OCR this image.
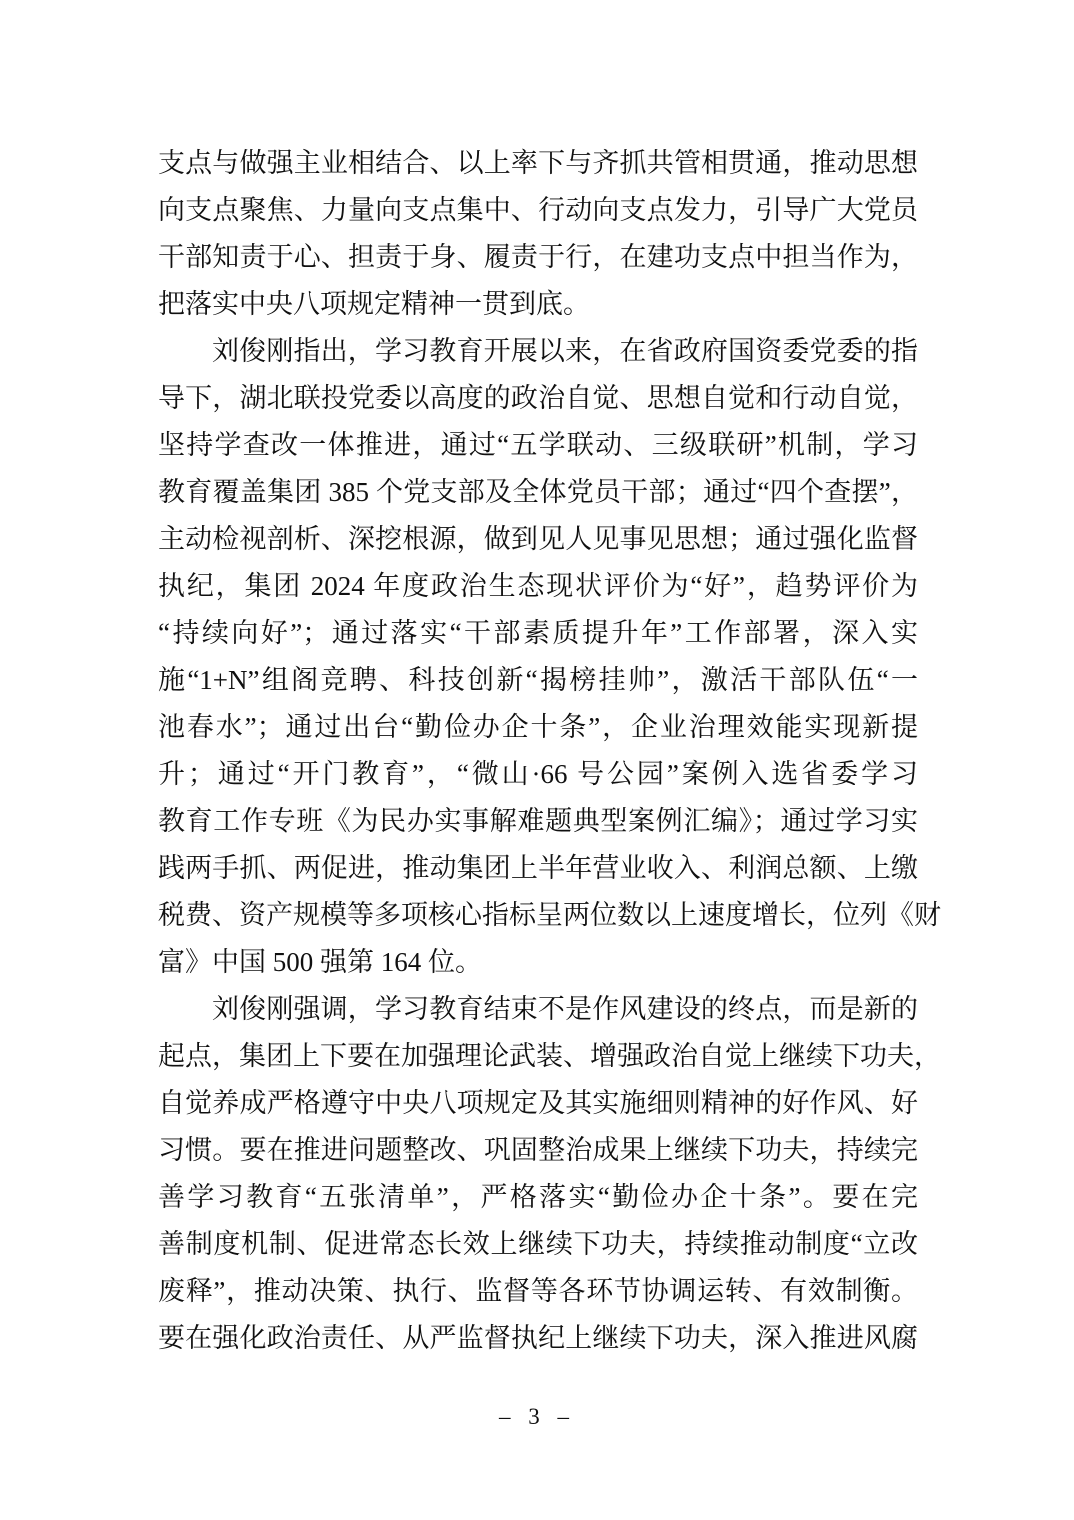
支点与做强主业相结合、以上率下与齐抓共管相贯通，推动思想
向支点聚焦、力量向支点集中、行动向支点发力，引导广大党员
干部知责于心、担责于身、履责于行，在建功支点中担当作为，
把落实中央八项规定精神一贯到底。
刘俊刚指出，学习教育开展以来，在省政府国资委党委的指
导下，湖北联投党委以高度的政治自觉、思想自觉和行动自觉，
坚持学查改一体推进，通过“五学联动、三级联研”机制，学习
教育覆盖集团 385 个党支部及全体党员干部；通过“四个查摆”，
主动检视剖析、深挖根源，做到见人见事见思想；通过强化监督
执纪，集团 2024 年度政治生态现状评价为“好”，趋势评价为
“持续向好”；通过落实“干部素质提升年”工作部署，深入实
施“1+N”组阁竞聘、科技创新“揭榜挂帅”，激活干部队伍“一
池春水”；通过出台“勤俭办企十条”，企业治理效能实现新提
升；通过“开门教育”，“微山·66 号公园”案例入选省委学习
教育工作专班《为民办实事解难题典型案例汇编》；通过学习实
践两手抓、两促进，推动集团上半年营业收入、利润总额、上缴
税费、资产规模等多项核心指标呈两位数以上速度增长，位列《财
富》中国 500 强第 164 位。
刘俊刚强调，学习教育结束不是作风建设的终点，而是新的
起点，集团上下要在加强理论武装、增强政治自觉上继续下功夫，
自觉养成严格遵守中央八项规定及其实施细则精神的好作风、好
习惯。要在推进问题整改、巩固整治成果上继续下功夫，持续完
善学习教育“五张清单”，严格落实“勤俭办企十条”。要在完
善制度机制、促进常态长效上继续下功夫，持续推动制度“立改
废释”，推动决策、执行、监督等各环节协调运转、有效制衡。
要在强化政治责任、从严监督执纪上继续下功夫，深入推进风腐
– 3 –
